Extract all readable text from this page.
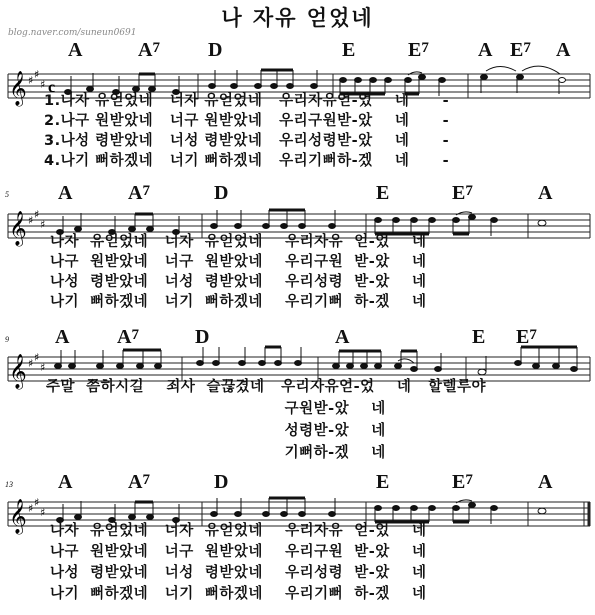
나 자유 얻었네
blog.naver.com/suneun0691
A	$A^7$ D	E	$E^7$ A $E^7$ A
𝄞 ♯ ♯
♯ c
1.나자 유얻었네   너자 유얻었네   우리자유얻-었    네      -
2.나구 원받았네   너구 원받았네   우리구원받-았    네      -
3.나성 령받았네   너성 령받았네   우리성령받-았    네      -
4.나기 뻐하겠네   너기 뻐하겠네   우리기뻐하-겠    네      -
5 A	$A^7$	D	E	$E^7$	A
𝄞 ♯ ♯
♯
나자  유얻었네   너자  유얻었네    우리자유  얻-었    네
나구  원받았네   너구  원받았네    우리구원  받-았    네
나성  령받았네   너성  령받았네    우리성령  받-았    네
나기  뻐하겠네   너기  뻐하겠네    우리기뻐  하-겠    네
9 A $A^7$	D	A	E $E^7$
𝄞 ♯ ♯
♯
주말  쯤하시길    죄사  슬끊겼네   우리자유얻-었    네   할렐루야
구원받-았    네
성령받-았    네
기뻐하-겠    네
13 A	$A^7$	D	E	$E^7$	A
𝄞 ♯ ♯
♯
나자  유얻었네   너자  유얻었네    우리자유  얻-었    네
나구  원받았네   너구  원받았네    우리구원  받-았    네
나성  령받았네   너성  령받았네    우리성령  받-았    네
나기  뻐하겠네   너기  뻐하겠네    우리기뻐  하-겠    네
